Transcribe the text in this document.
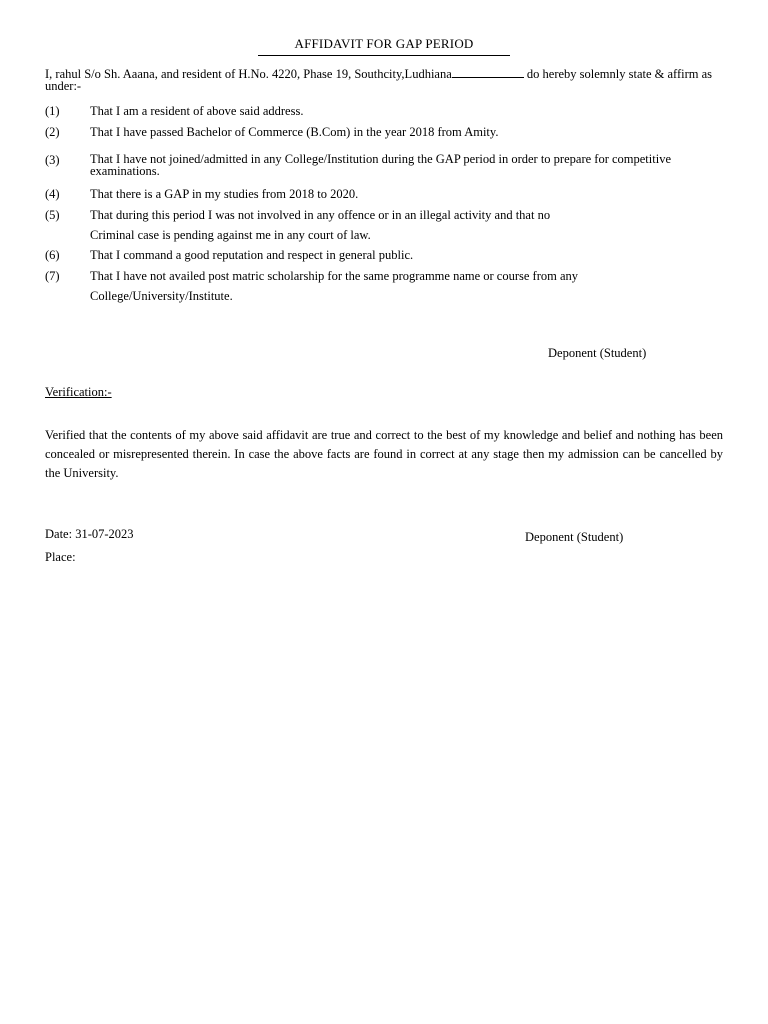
AFFIDAVIT FOR GAP PERIOD
I, rahul S/o Sh. Aaana, and resident of H.No. 4220, Phase 19, Southcity,Ludhiana	do hereby solemnly state & affirm as under:-
(1) That I am a resident of above said address.
(2) That I have passed Bachelor of Commerce (B.Com) in the year 2018 from Amity.
(3) That I have not joined/admitted in any College/Institution during the GAP period in order to prepare for competitive examinations.
(4) That there is a GAP in my studies from 2018 to 2020.
(5) That during this period I was not involved in any offence or in an illegal activity and that no
Criminal case is pending against me in any court of law.
(6) That I command a good reputation and respect in general public.
(7) That I have not availed post matric scholarship for the same programme name or course from any
College/University/Institute.
Deponent (Student)
Verification:-
Verified that the contents of my above said affidavit are true and correct to the best of my knowledge and belief and nothing has been concealed or misrepresented therein. In case the above facts are found in correct at any stage then my admission can be cancelled by the University.
Date: 31-07-2023
Place:
Deponent (Student)
